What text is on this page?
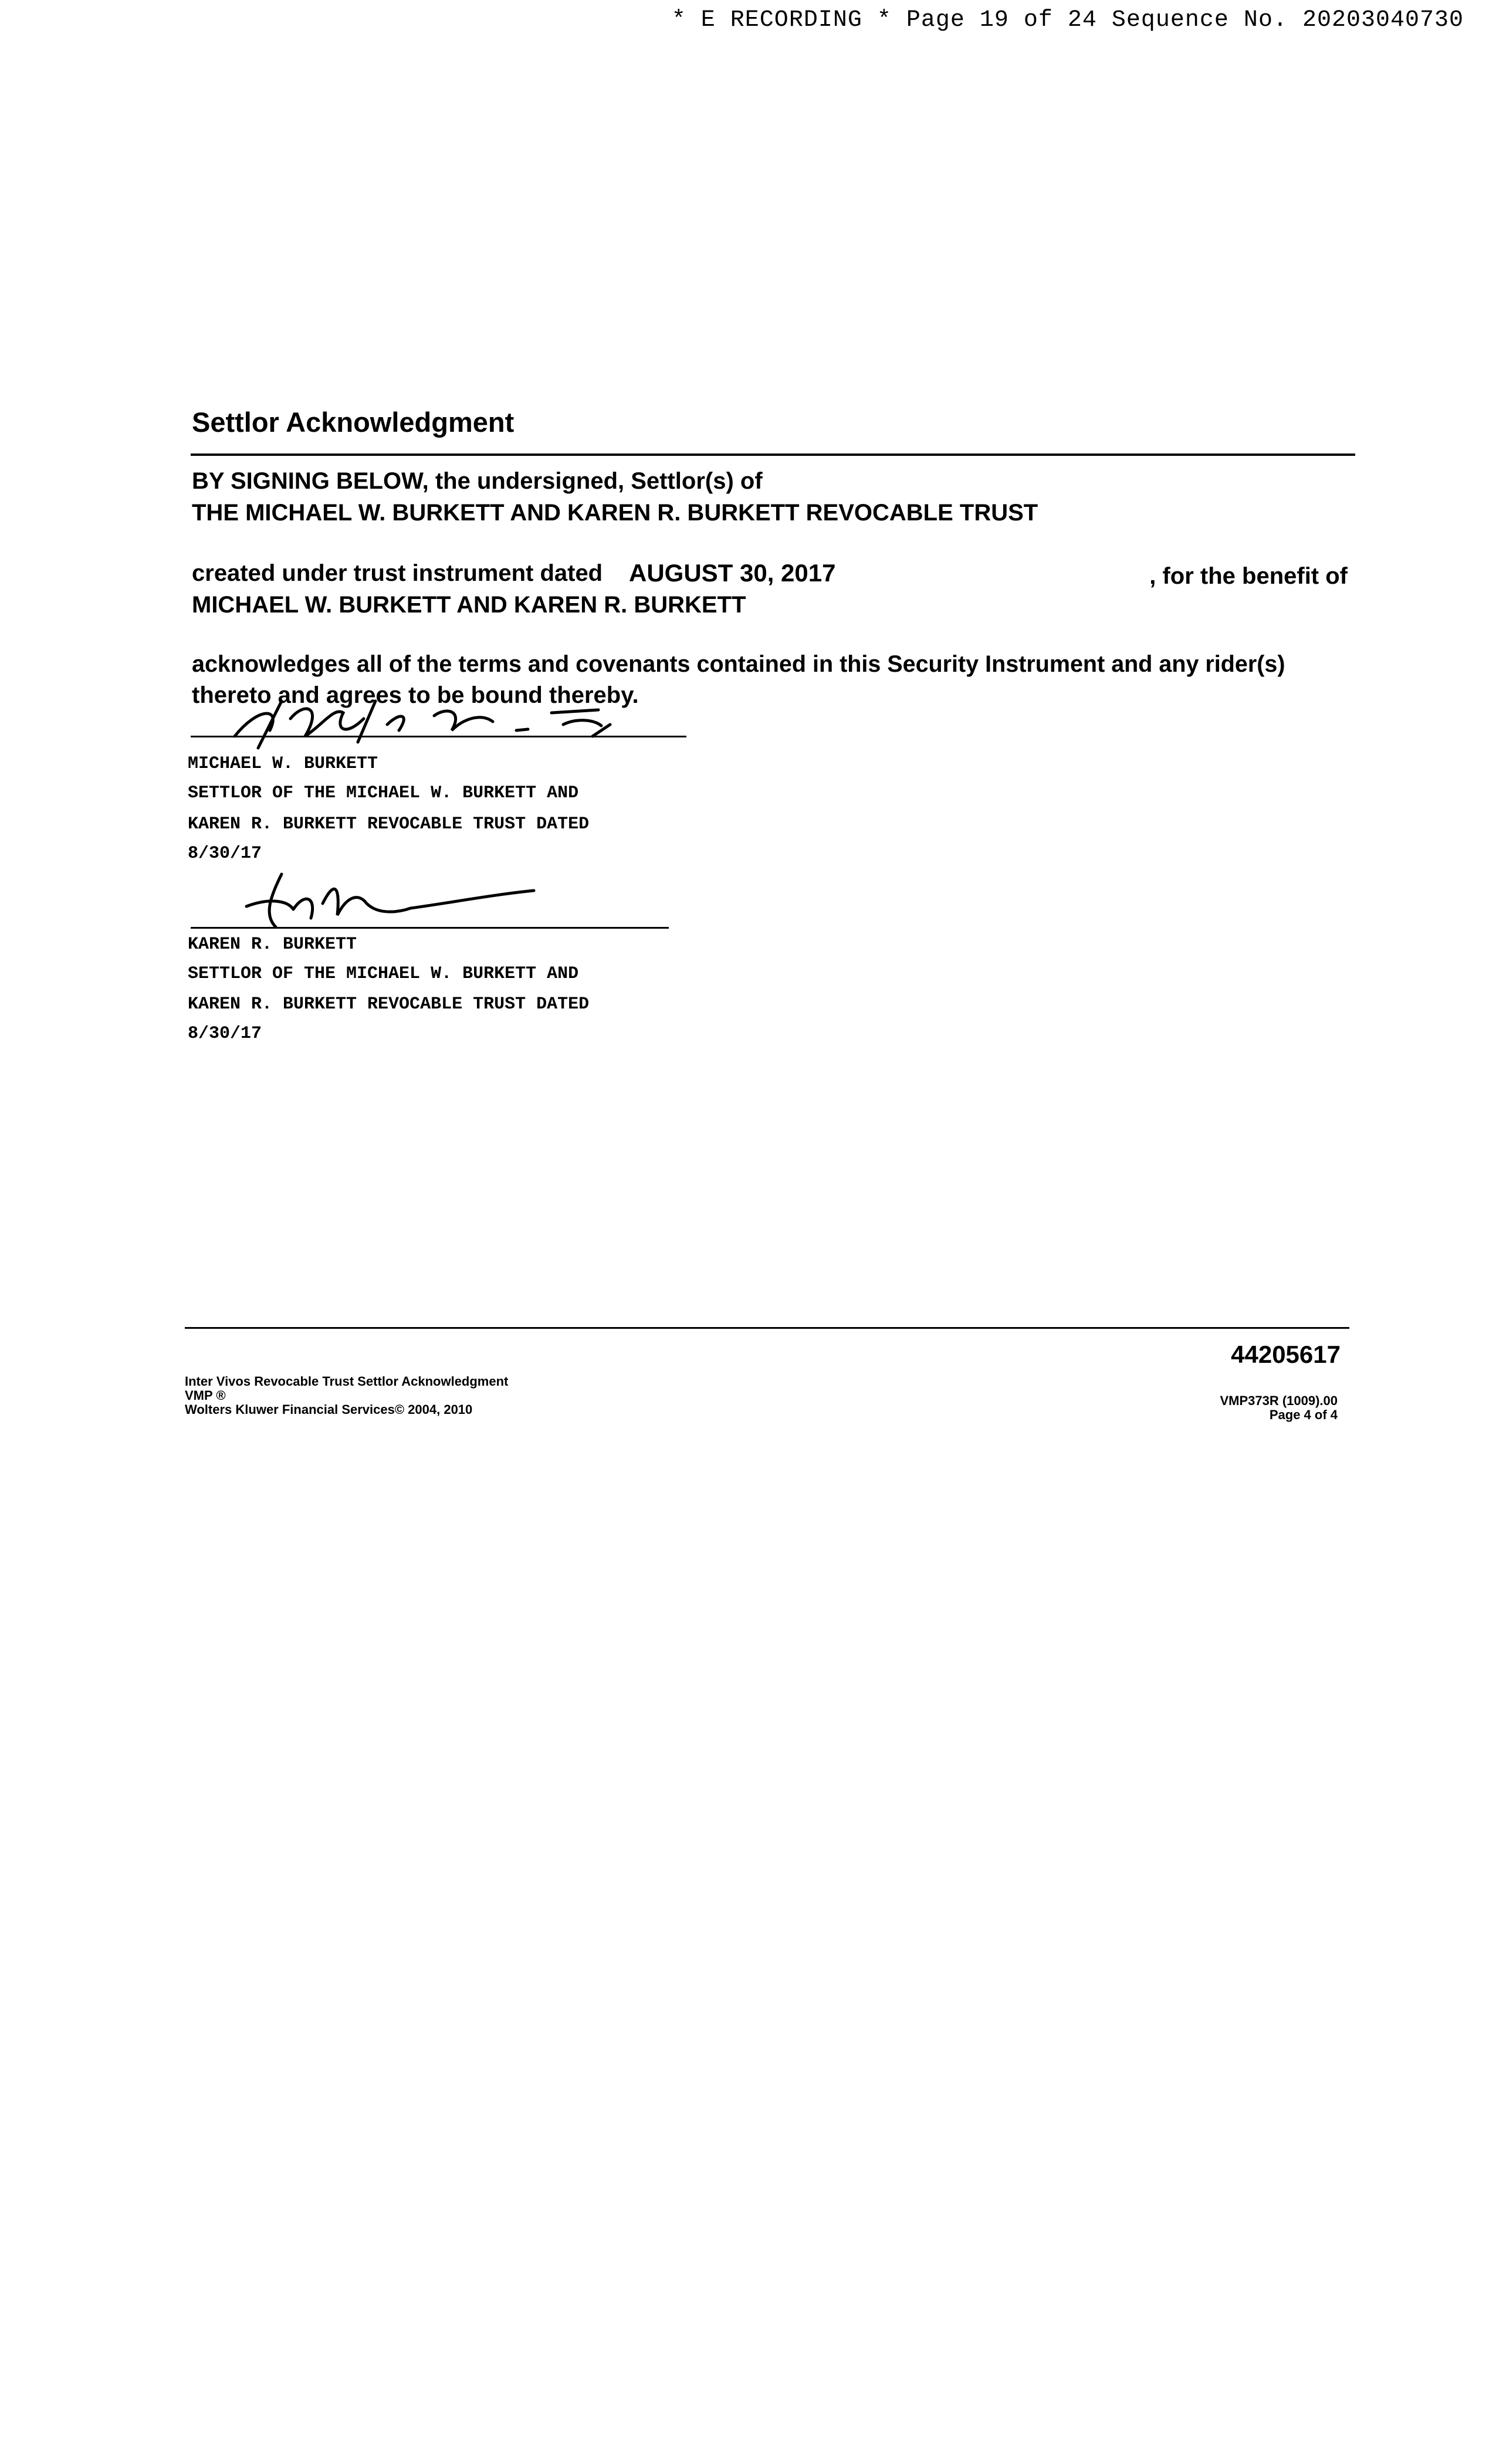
* E RECORDING * Page 19 of 24 Sequence No. 20203040730
Settlor Acknowledgment
BY SIGNING BELOW, the undersigned, Settlor(s) of
THE MICHAEL W. BURKETT AND KAREN R. BURKETT REVOCABLE TRUST
created under trust instrument dated AUGUST 30, 2017	, for the benefit of
MICHAEL W. BURKETT AND KAREN R. BURKETT
acknowledges all of the terms and covenants contained in this Security Instrument and any rider(s)
thereto and agrees to be bound thereby.
MICHAEL W. BURKETT
SETTLOR OF THE MICHAEL W. BURKETT AND
KAREN R. BURKETT REVOCABLE TRUST DATED
8/30/17
KAREN R. BURKETT
SETTLOR OF THE MICHAEL W. BURKETT AND
KAREN R. BURKETT REVOCABLE TRUST DATED
8/30/17
44205617
Inter Vivos Revocable Trust Settlor Acknowledgment
VMP ®
Wolters Kluwer Financial Services© 2004, 2010
VMP373R (1009).00
Page 4 of 4
